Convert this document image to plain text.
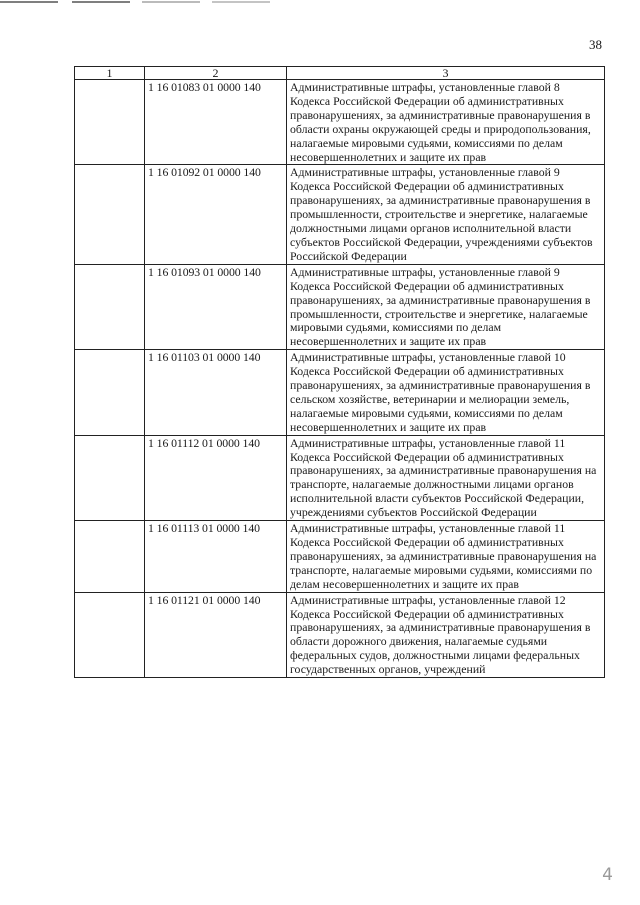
38
1	2	3
	1 16 01083 01 0000 140	Административные штрафы, установленные главой 8 Кодекса Российской Федерации об административных правонарушениях, за административные правонарушения в области охраны окружающей среды и природопользования, налагаемые мировыми судьями, комиссиями по делам несовершеннолетних и защите их прав
	1 16 01092 01 0000 140	Административные штрафы, установленные главой 9 Кодекса Российской Федерации об административных правонарушениях, за административные правонарушения в промышленности, строительстве и энергетике, налагаемые должностными лицами органов исполнительной власти субъектов Российской Федерации, учреждениями субъектов Российской Федерации
	1 16 01093 01 0000 140	Административные штрафы, установленные главой 9 Кодекса Российской Федерации об административных правонарушениях, за административные правонарушения в промышленности, строительстве и энергетике, налагаемые мировыми судьями, комиссиями по делам несовершеннолетних и защите их прав
	1 16 01103 01 0000 140	Административные штрафы, установленные главой 10 Кодекса Российской Федерации об административных правонарушениях, за административные правонарушения в сельском хозяйстве, ветеринарии и мелиорации земель, налагаемые мировыми судьями, комиссиями по делам несовершеннолетних и защите их прав
	1 16 01112 01 0000 140	Административные штрафы, установленные главой 11 Кодекса Российской Федерации об административных правонарушениях, за административные правонарушения на транспорте, налагаемые должностными лицами органов исполнительной власти субъектов Российской Федерации, учреждениями субъектов Российской Федерации
	1 16 01113 01 0000 140	Административные штрафы, установленные главой 11 Кодекса Российской Федерации об административных правонарушениях, за административные правонарушения на транспорте, налагаемые мировыми судьями, комиссиями по делам несовершеннолетних и защите их прав
	1 16 01121 01 0000 140	Административные штрафы, установленные главой 12 Кодекса Российской Федерации об административных правонарушениях, за административные правонарушения в области дорожного движения, налагаемые судьями федеральных судов, должностными лицами федеральных государственных органов, учреждений
4
